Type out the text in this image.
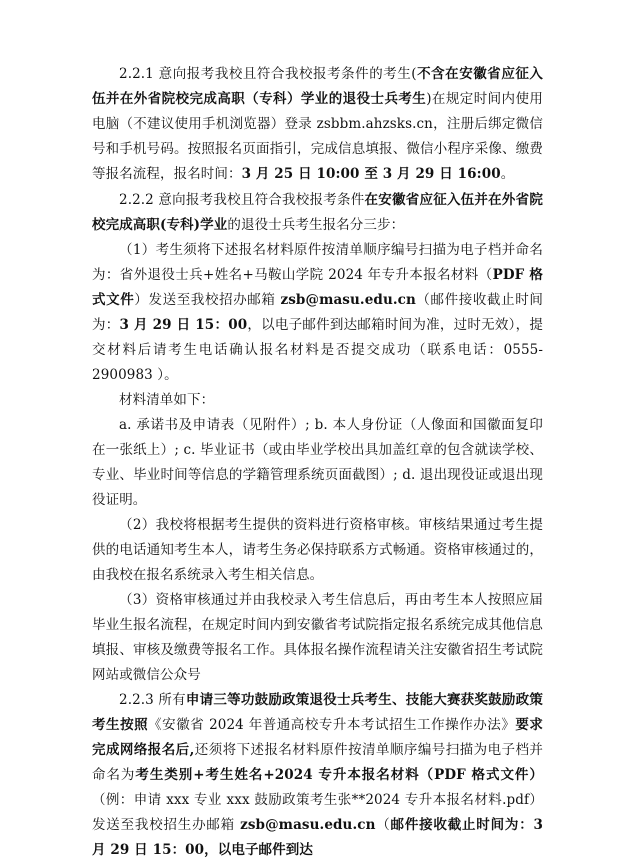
2.2.1 意向报考我校且符合我校报考条件的考生(不含在安徽省应征入伍并在外省院校完成高职（专科）学业的退役士兵考生)在规定时间内使用电脑（不建议使用手机浏览器）登录 zsbbm.ahzsks.cn，注册后绑定微信号和手机号码。按照报名页面指引，完成信息填报、微信小程序采像、缴费等报名流程，报名时间：3 月 25 日 10:00 至 3 月 29 日 16:00。

2.2.2 意向报考我校且符合我校报考条件在安徽省应征入伍并在外省院校完成高职(专科)学业的退役士兵考生报名分三步：

（1）考生须将下述报名材料原件按清单顺序编号扫描为电子档并命名为：省外退役士兵+姓名+马鞍山学院 2024 年专升本报名材料（PDF 格式文件）发送至我校招办邮箱 zsb@masu.edu.cn（邮件接收截止时间为：3 月 29 日 15：00，以电子邮件到达邮箱时间为准，过时无效），提交材料后请考生电话确认报名材料是否提交成功（联系电话：0555-2900983 ）。

材料清单如下：

a. 承诺书及申请表（见附件）; b. 本人身份证（人像面和国徽面复印在一张纸上）; c. 毕业证书（或由毕业学校出具加盖红章的包含就读学校、专业、毕业时间等信息的学籍管理系统页面截图）; d. 退出现役证或退出现役证明。

（2）我校将根据考生提供的资料进行资格审核。审核结果通过考生提供的电话通知考生本人，请考生务必保持联系方式畅通。资格审核通过的，由我校在报名系统录入考生相关信息。

（3）资格审核通过并由我校录入考生信息后，再由考生本人按照应届毕业生报名流程，在规定时间内到安徽省考试院指定报名系统完成其他信息填报、审核及缴费等报名工作。具体报名操作流程请关注安徽省招生考试院网站或微信公众号

2.2.3 所有申请三等功鼓励政策退役士兵考生、技能大赛获奖鼓励政策考生按照《安徽省 2024 年普通高校专升本考试招生工作操作办法》要求完成网络报名后,还须将下述报名材料原件按清单顺序编号扫描为电子档并命名为考生类别+考生姓名+2024 专升本报名材料（PDF 格式文件）（例：申请 xxx 专业 xxx 鼓励政策考生张**2024 专升本报名材料.pdf）发送至我校招生办邮箱 zsb@masu.edu.cn（邮件接收截止时间为：3 月 29 日 15：00，以电子邮件到达
